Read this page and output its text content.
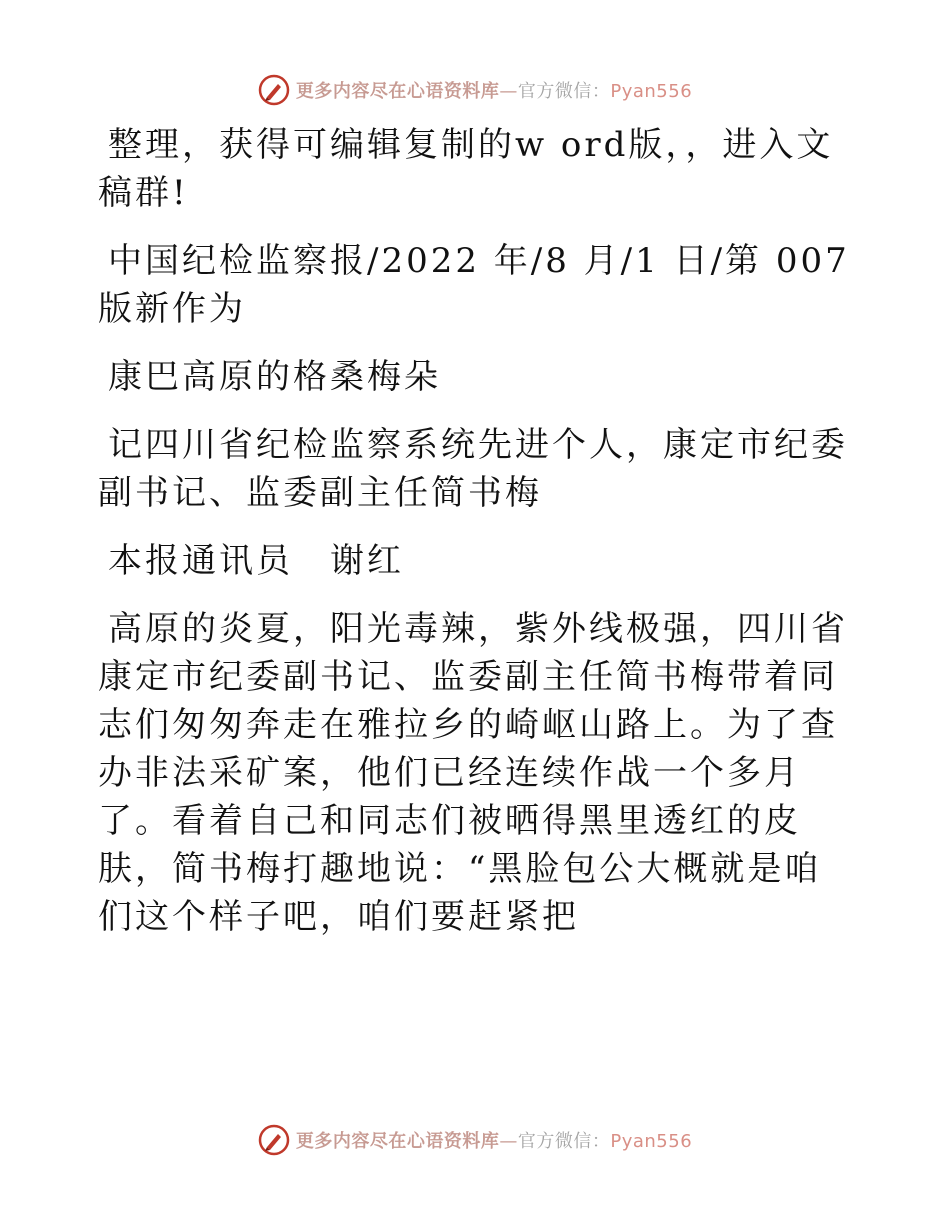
更多内容尽在心语资料库—官方微信：Pyan556

整理，获得可编辑复制的w ord版，，进入文稿群!

中国纪检监察报/2022 年/8 月/1 日/第 007 版新作为

康巴高原的格桑梅朵

记四川省纪检监察系统先进个人，康定市纪委副书记、监委副主任简书梅

本报通讯员　谢红

高原的炎夏，阳光毒辣，紫外线极强，四川省康定市纪委副书记、监委副主任简书梅带着同志们匆匆奔走在雅拉乡的崎岖山路上。为了查办非法采矿案，他们已经连续作战一个多月了。看着自己和同志们被晒得黑里透红的皮肤，简书梅打趣地说：“黑脸包公大概就是咱们这个样子吧，咱们要赶紧把

更多内容尽在心语资料库—官方微信：Pyan556
